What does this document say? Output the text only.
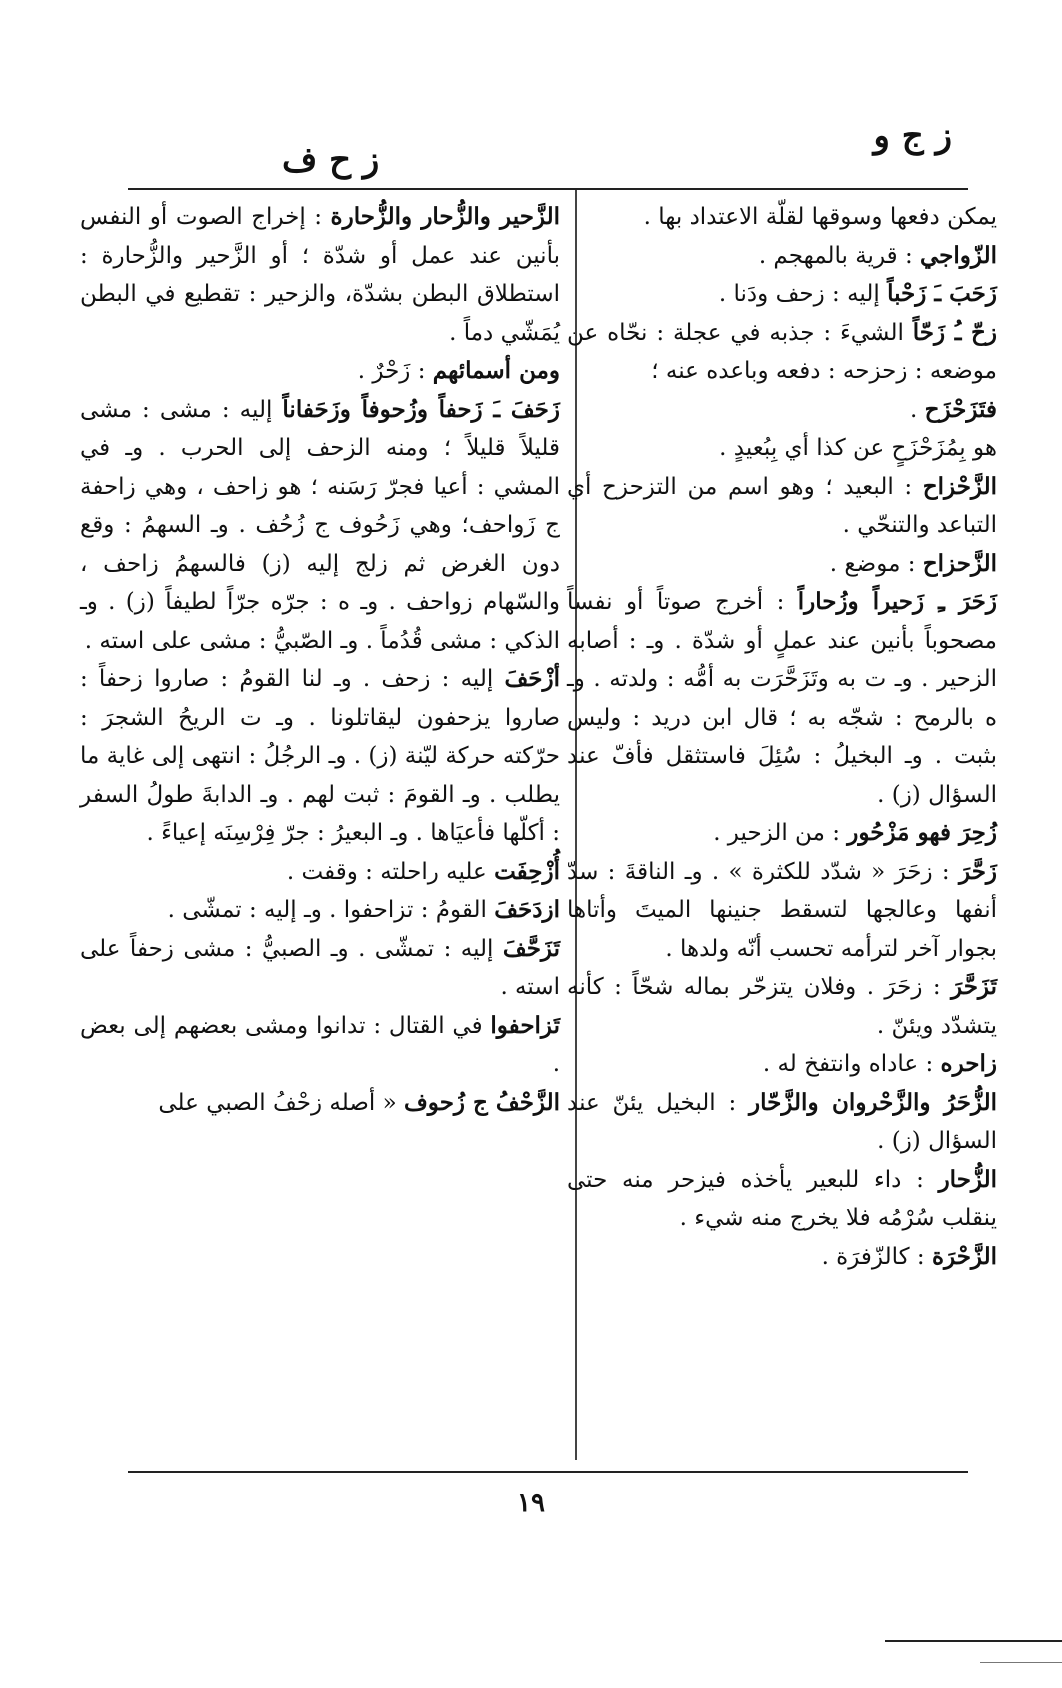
ز ج و
ز ح ف

يمكن دفعها وسوقها لقلّة الاعتداد بها .

الزّواجي : قرية بالمهجم .

زَحَبَ ـَ زَحْباً إليه : زحف ودَنا .

زحّ ـُ زَحّاً الشيءَ : جذبه في عجلة : نحّاه عن موضعه : زحزحه : دفعه وباعده عنه ؛

فتَزَحْزَح .

هو بِمُزَحْزَحٍ عن كذا أي بِبُعيدٍ .

الزَّحْزاح : البعيد ؛ وهو اسم من التزحزح أي التباعد والتنحّي .

الزَّحزاح : موضع .

زَحَرَ ـِ زَحيراً وزُحاراً : أخرج صوتاً أو نفساً مصحوباً بأنين عند عملٍ أو شدّة . وـ : أصابه الزحير . وـ ت به وتَزَحَّرَت به أمُّه : ولدته . وـ ه بالرمح : شجّه به ؛ قال ابن دريد : وليس بثبت . وـ البخيلُ : سُئِلَ فاستثقل فأفّ عند السؤال (ز) .

زُحِرَ فهو مَزْحُور : من الزحير .

زَحَّرَ : زحَرَ « شدّد للكثرة » . وـ الناقةَ : سدّ أنفها وعالجها لتسقط جنينها الميتَ وأتاها بجوار آخر لترأمه تحسب أنّه ولدها .

تَزَحَّرَ : زحَرَ . وفلان يتزحّر بماله شحّاً : كأنه يتشدّد ويئنّ .

زاحره : عاداه وانتفخ له .

الزُّحَرُ والزَّحْروان والزَّحّار : البخيل يئنّ عند السؤال (ز) .

الزُّحار : داء للبعير يأخذه فيزحر منه حتى ينقلب سُرْمُه فلا يخرج منه شيء .

الزَّحْرَة : كالزّفرَة .

الزَّحير والزُّحار والزُّحارة : إخراج الصوت أو النفس بأنين عند عمل أو شدّة ؛ أو الزَّحير والزُّحارة : استطلاق البطن بشدّة، والزحير : تقطيع في البطن يُمَشّي دماً .

ومن أسمائهم : زَحْرٌ .

زَحَفَ ـَ زَحفاً وزُحوفاً وزَحَفاناً إليه : مشى : مشى قليلاً قليلاً ؛ ومنه الزحف إلى الحرب . وـ في المشي : أعيا فجرّ رَسَنه ؛ هو زاحف ، وهي زاحفة ج زَواحف؛ وهي زَحُوف ج زُحُف . وـ السهمُ : وقع دون الغرض ثم زلج إليه (ز) فالسهمُ زاحف ، والسّهام زواحف . وـ ه : جرّه جرّاً لطيفاً (ز) . وـ الذكي : مشى قُدُماً . وـ الصّبيُّ : مشى على استه .

أزْحَفَ إليه : زحف . وـ لنا القومُ : صاروا زحفاً : صاروا يزحفون ليقاتلونا . وـ ت الريحُ الشجرَ : حرّكته حركة ليّنة (ز) . وـ الرجُلُ : انتهى إلى غاية ما يطلب . وـ القومَ : ثبت لهم . وـ الدابةَ طولُ السفر : أكلّها فأعيَاها . وـ البعيرُ : جرّ فِرْسِنَه إعياءً .

أُزْحِفَت عليه راحلته : وقفت .

ازدَحَفَ القومُ : تزاحفوا . وـ إليه : تمشّى .

تَزَحَّفَ إليه : تمشّى . وـ الصبيُّ : مشى زحفاً على استه .

تَزاحفوا في القتال : تدانوا ومشى بعضهم إلى بعض .

الزَّحْفُ ج زُحوف « أصله زحْفُ الصبي على

١٩
